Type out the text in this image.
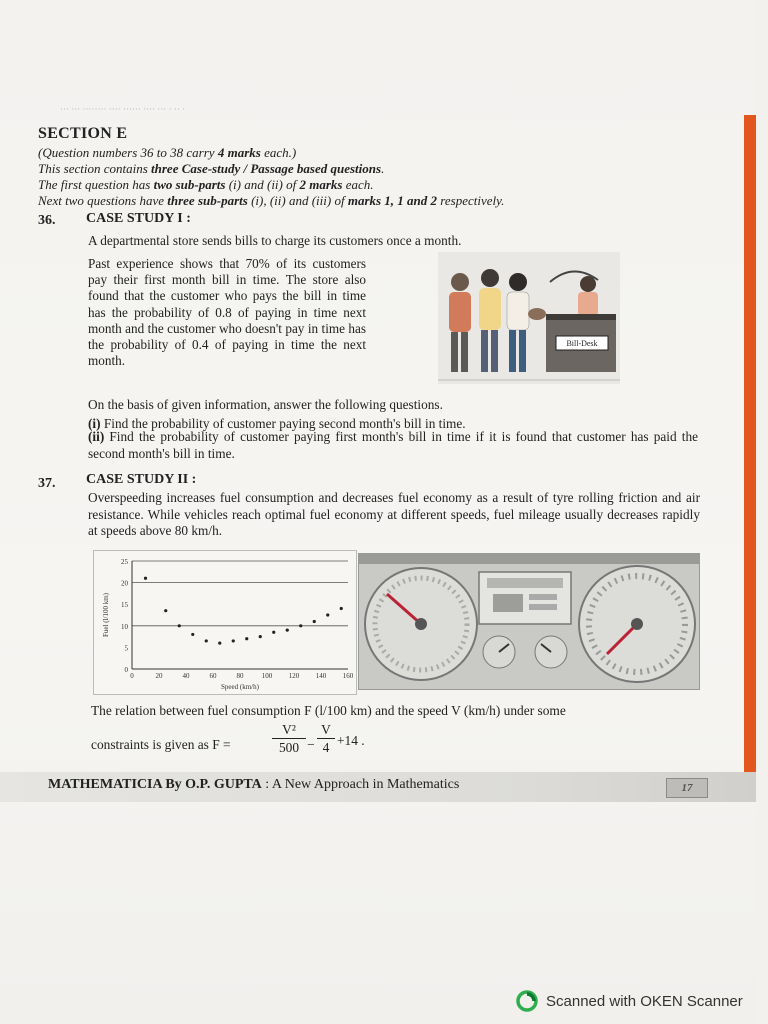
··· ··· ········ ···· ······ ···· ··· · ·· ·
SECTION E
(Question numbers 36 to 38 carry 4 marks each.)
This section contains three Case-study / Passage based questions.
The first question has two sub-parts (i) and (ii) of 2 marks each.
Next two questions have three sub-parts (i), (ii) and (iii) of marks 1, 1 and 2 respectively.
36. CASE STUDY I :
A departmental store sends bills to charge its customers once a month.
Past experience shows that 70% of its customers pay their first month bill in time. The store also found that the customer who pays the bill in time has the probability of 0.8 of paying in time next month and the customer who doesn't pay in time has the probability of 0.4 of paying in time the next month.
Bill-Desk
On the basis of given information, answer the following questions.
(i) Find the probability of customer paying second month's bill in time.
(ii) Find the probability of customer paying first month's bill in time if it is found that customer has paid the second month's bill in time.
37. CASE STUDY II :
Overspeeding increases fuel consumption and decreases fuel economy as a result of tyre rolling friction and air resistance. While vehicles reach optimal fuel economy at different speeds, fuel mileage usually decreases rapidly at speeds above 80 km/h.
0
5
10
15
20
25
0	20	40	60	80	100 120 140 160
Speed (km/h)
Fuel (l/100 km)
The relation between fuel consumption F (l/100 km) and the speed V (km/h) under some
constraints is given as F =
V²
500 −
V
4 +14 .
MATHEMATICIA By O.P. GUPTA : A New Approach in Mathematics	17
Scanned with OKEN Scanner
